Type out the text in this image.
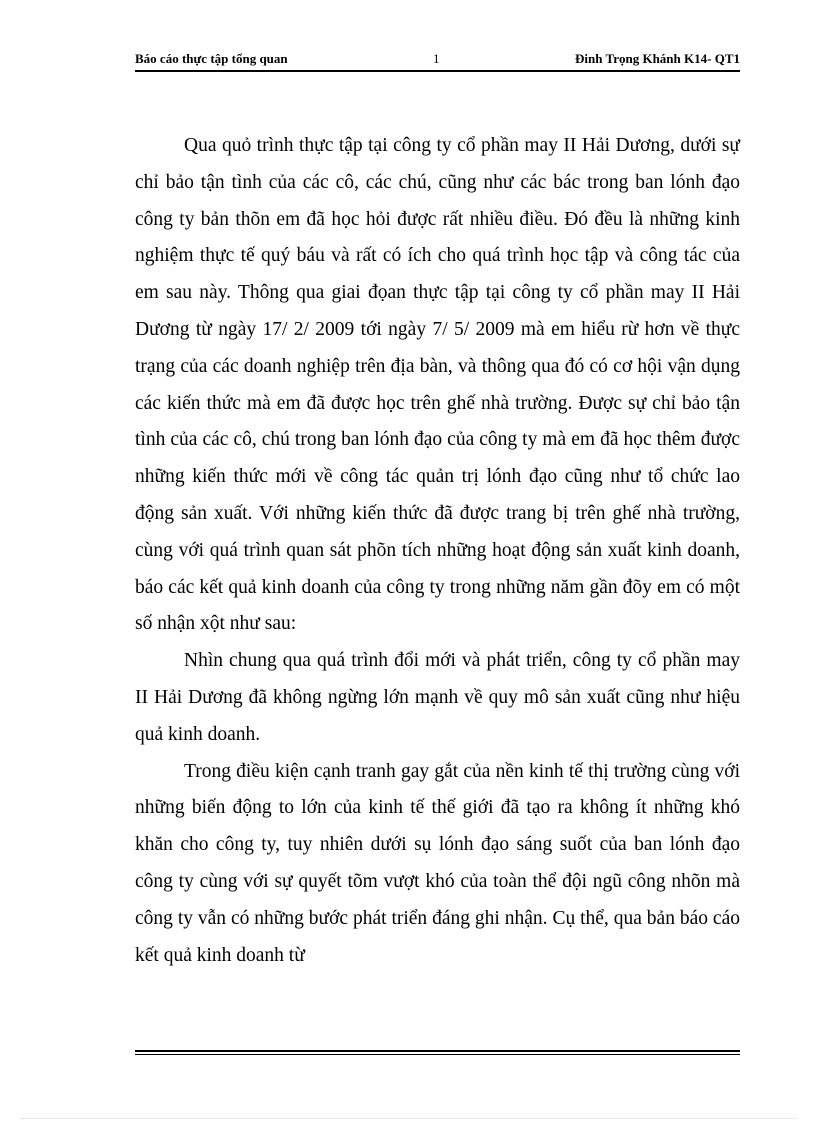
Báo cáo thực tập tổng quan	1	Đinh Trọng Khánh K14- QT1

Qua quỏ trình thực tập tại công ty cổ phần may II Hải Dương, dưới sự chỉ bảo tận tình của các cô, các chú, cũng như các bác trong ban lónh đạo công ty bản thõn em đã học hỏi được rất nhiều điều. Đó đều là những kinh nghiệm thực tế quý báu và rất có ích cho quá trình học tập và công tác của em sau này. Thông qua giai đọan thực tập tại công ty cổ phần may II Hải Dương từ ngày 17/ 2/ 2009 tới ngày 7/ 5/ 2009 mà em hiểu rừ hơn về thực trạng của các doanh nghiệp trên địa bàn, và thông qua đó có cơ hội vận dụng các kiến thức mà em đã được học trên ghế nhà trường. Được sự chỉ bảo tận tình của các cô, chú trong ban lónh đạo của công ty mà em đã học thêm được những kiến thức mới về công tác quản trị lónh đạo cũng như tổ chức lao động sản xuất. Với những kiến thức đã được trang bị trên ghế nhà trường, cùng với quá trình quan sát phõn tích những hoạt động sản xuất kinh doanh, báo các kết quả kinh doanh của công ty trong những năm gần đõy em có một số nhận xột như sau:

Nhìn chung qua quá trình đổi mới và phát triển, công ty cổ phần may II Hải Dương đã không ngừng lớn mạnh về quy mô sản xuất cũng như hiệu quả kinh doanh.

Trong điều kiện cạnh tranh gay gắt của nền kinh tế thị trường cùng với những biến động to lớn của kinh tế thế giới đã tạo ra không ít những khó khăn cho công ty, tuy nhiên dưới sụ lónh đạo sáng suốt của ban lónh đạo công ty cùng với sự quyết tõm vượt khó của toàn thể đội ngũ công nhõn mà công ty vẫn có những bước phát triển đáng ghi nhận. Cụ thể, qua bản báo cáo kết quả kinh doanh từ
